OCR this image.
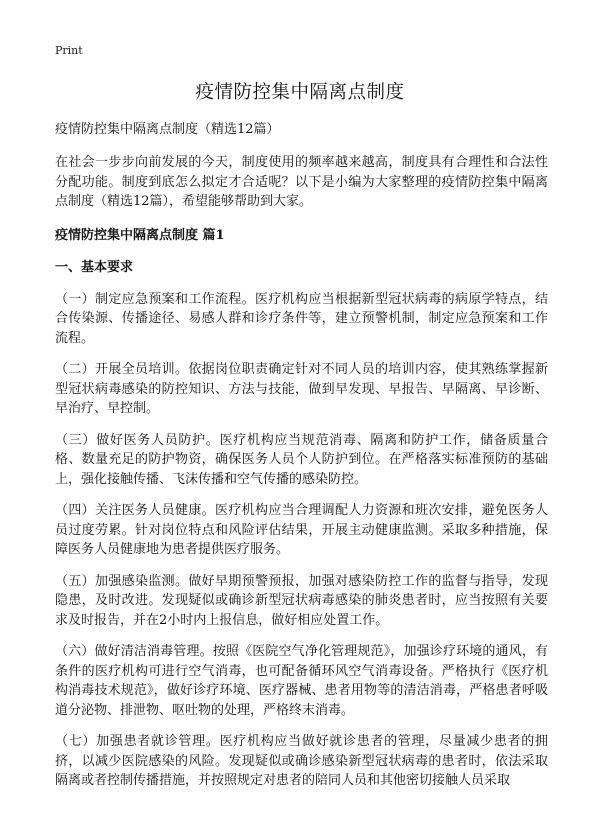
Print
疫情防控集中隔离点制度

疫情防控集中隔离点制度（精选12篇）

在社会一步步向前发展的今天，制度使用的频率越来越高，制度具有合理性和合法性分配功能。制度到底怎么拟定才合适呢？以下是小编为大家整理的疫情防控集中隔离点制度（精选12篇），希望能够帮助到大家。

疫情防控集中隔离点制度 篇1

一、基本要求

（一）制定应急预案和工作流程。医疗机构应当根据新型冠状病毒的病原学特点，结合传染源、传播途径、易感人群和诊疗条件等，建立预警机制，制定应急预案和工作流程。

（二）开展全员培训。依据岗位职责确定针对不同人员的培训内容，使其熟练掌握新型冠状病毒感染的防控知识、方法与技能，做到早发现、早报告、早隔离、早诊断、早治疗、早控制。

（三）做好医务人员防护。医疗机构应当规范消毒、隔离和防护工作，储备质量合格、数量充足的防护物资，确保医务人员个人防护到位。在严格落实标准预防的基础上，强化接触传播、飞沫传播和空气传播的感染防控。

（四）关注医务人员健康。医疗机构应当合理调配人力资源和班次安排，避免医务人员过度劳累。针对岗位特点和风险评估结果，开展主动健康监测。采取多种措施，保障医务人员健康地为患者提供医疗服务。

（五）加强感染监测。做好早期预警预报，加强对感染防控工作的监督与指导，发现隐患，及时改进。发现疑似或确诊新型冠状病毒感染的肺炎患者时，应当按照有关要求及时报告，并在2小时内上报信息，做好相应处置工作。

（六）做好清洁消毒管理。按照《医院空气净化管理规范》，加强诊疗环境的通风，有条件的医疗机构可进行空气消毒，也可配备循环风空气消毒设备。严格执行《医疗机构消毒技术规范》，做好诊疗环境、医疗器械、患者用物等的清洁消毒，严格患者呼吸道分泌物、排泄物、呕吐物的处理，严格终末消毒。

（七）加强患者就诊管理。医疗机构应当做好就诊患者的管理，尽量减少患者的拥挤，以减少医院感染的风险。发现疑似或确诊感染新型冠状病毒的患者时，依法采取隔离或者控制传播措施，并按照规定对患者的陪同人员和其他密切接触人员采取
